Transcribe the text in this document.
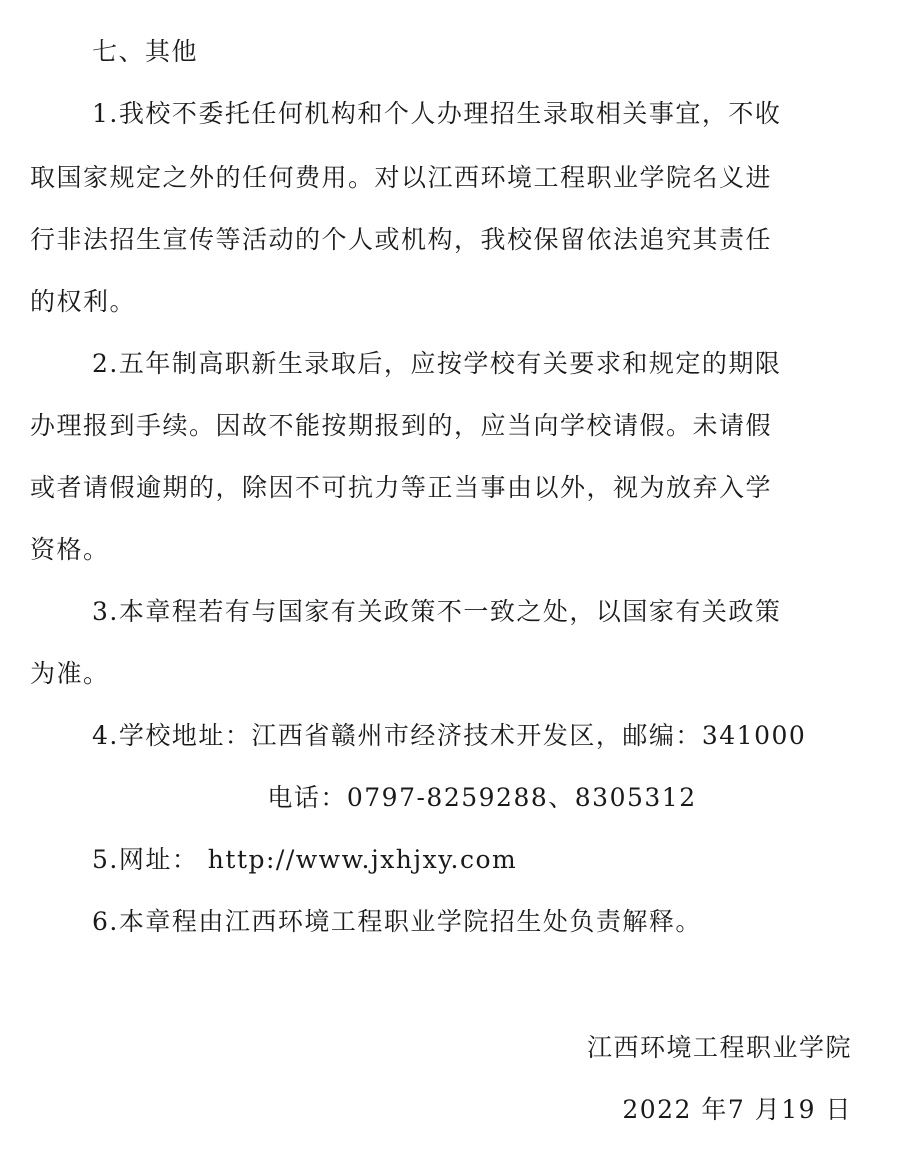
七、其他
1.我校不委托任何机构和个人办理招生录取相关事宜，不收
取国家规定之外的任何费用。对以江西环境工程职业学院名义进
行非法招生宣传等活动的个人或机构，我校保留依法追究其责任
的权利。
2.五年制高职新生录取后，应按学校有关要求和规定的期限
办理报到手续。因故不能按期报到的，应当向学校请假。未请假
或者请假逾期的，除因不可抗力等正当事由以外，视为放弃入学
资格。
3.本章程若有与国家有关政策不一致之处，以国家有关政策
为准。
4.学校地址：江西省赣州市经济技术开发区，邮编：341000
电话：0797-8259288、8305312
5.网址： http://www.jxhjxy.com
6.本章程由江西环境工程职业学院招生处负责解释。
江西环境工程职业学院
2022 年7 月19 日
